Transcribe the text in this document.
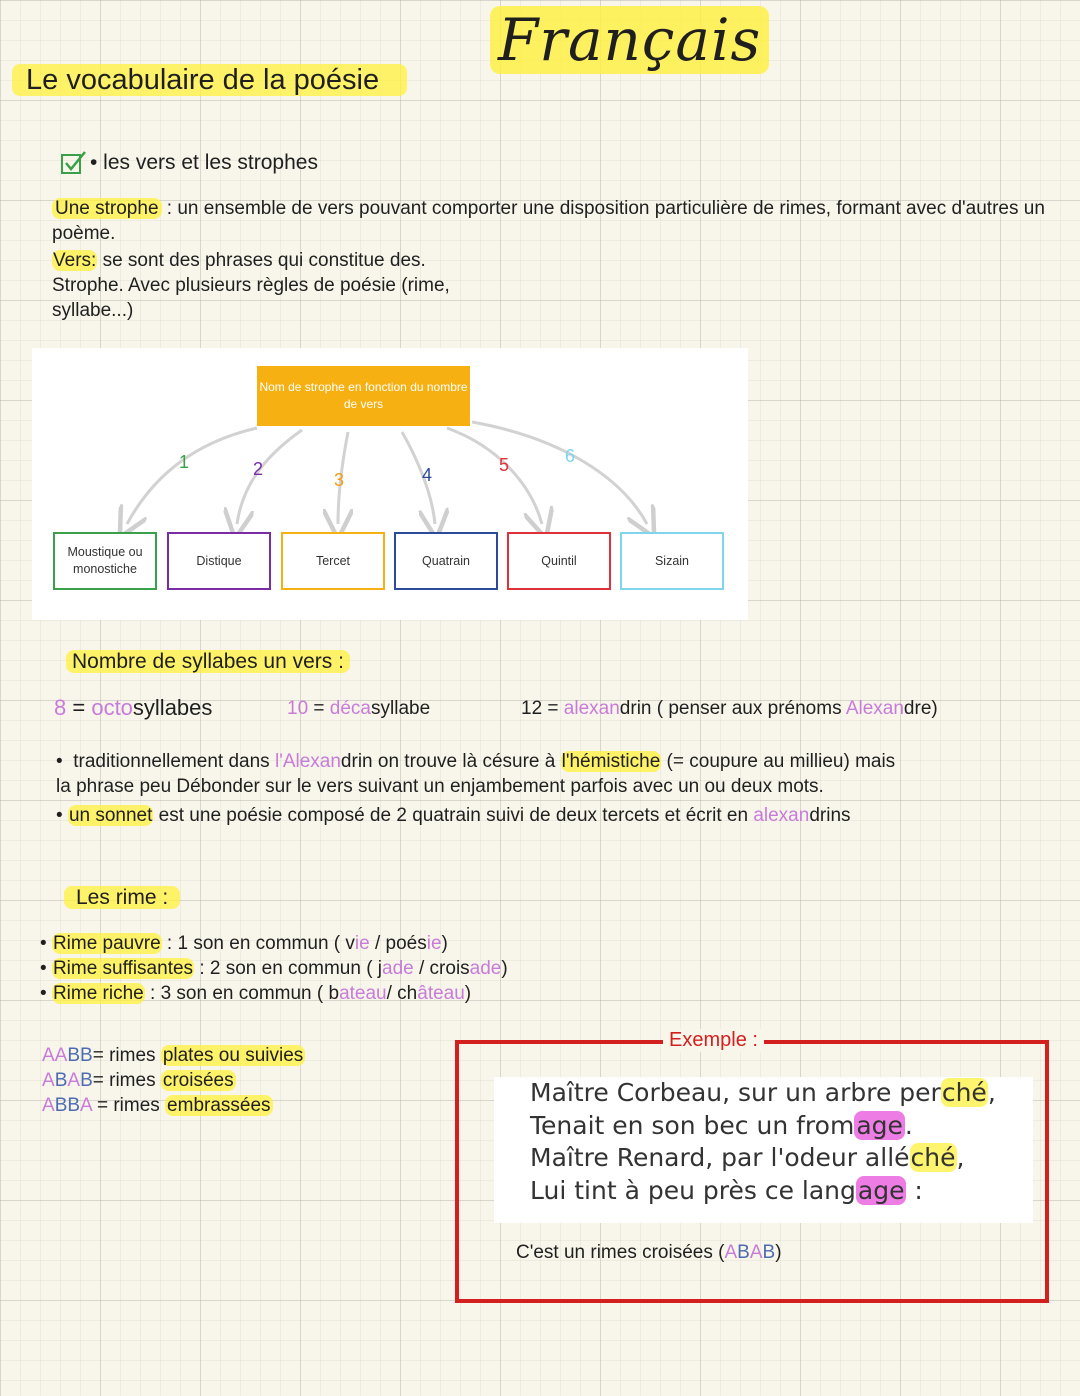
Le vocabulaire de la poésie
Français
• les vers et les strophes
Une strophe : un ensemble de vers pouvant comporter une disposition particulière de rimes, formant avec d'autres un poème.
Vers: se sont des phrases qui constitue des.
Strophe. Avec plusieurs règles de poésie (rime,
syllabe...)
Nom de strophe en fonction du nombre de vers
1	2
3	4	5	6
Moustique ou monostiche
Distique	Tercet	Quatrain	Quintil	Sizain
Nombre de syllabes un vers :
8 = octosyllabes	10 = décasyllabe	12 = alexandrin ( penser aux prénoms Alexandre)
•  traditionnellement dans l'Alexandrin on trouve là césure à l'hémistiche (= coupure au millieu) mais
la phrase peu Débonder sur le vers suivant un enjambement parfois avec un ou deux mots.
• un sonnet est une poésie composé de 2 quatrain suivi de deux tercets et écrit en alexandrins
Les rime :
• Rime pauvre : 1 son en commun ( vie / poésie)
• Rime suffisantes : 2 son en commun ( jade / croisade)
• Rime riche : 3 son en commun ( bateau/ château)
AABB= rimes plates ou suivies
ABAB= rimes croisées
ABBA = rimes embrassées
Exemple :
Maître Corbeau, sur un arbre perché,
Tenait en son bec un fromage.
Maître Renard, par l'odeur alléché,
Lui tint à peu près ce langage :
C'est un rimes croisées (ABAB)
